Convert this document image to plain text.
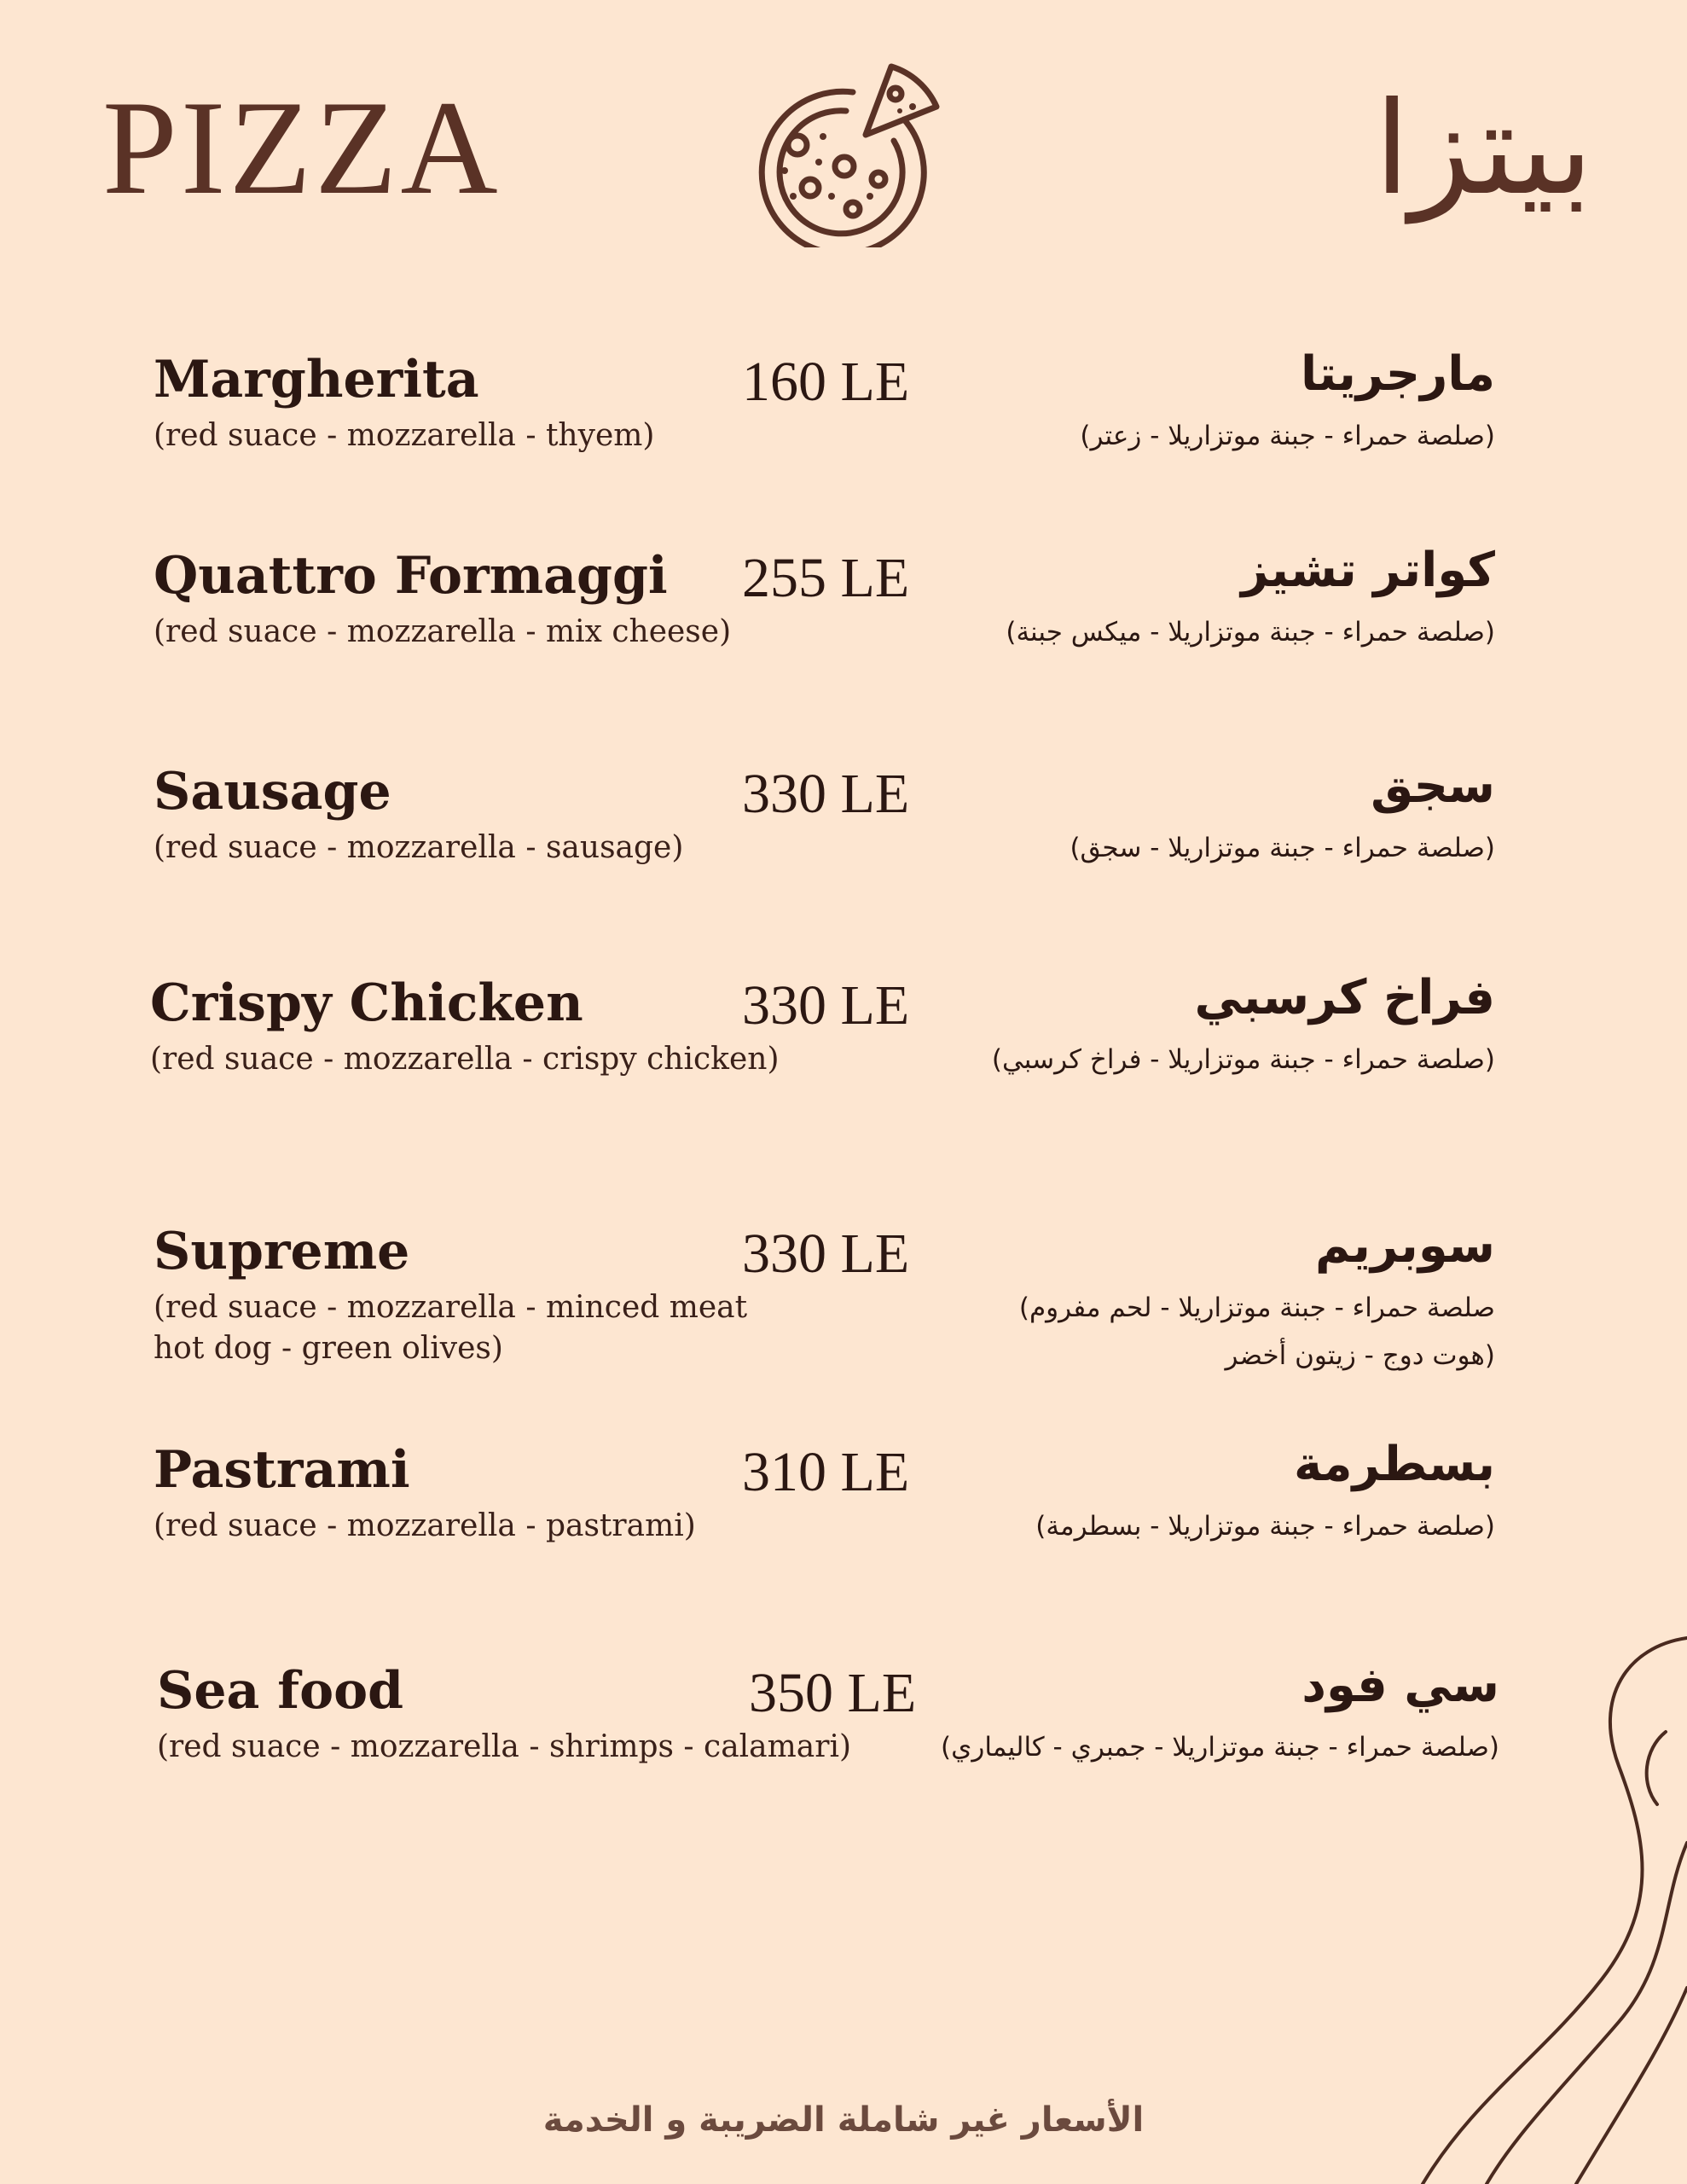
PIZZA	بيتزا
Margherita
(red suace - mozzarella - thyem)
160 LE	مارجريتا
(صلصة حمراء - جبنة موتزاريلا - زعتر)
Quattro Formaggi
(red suace - mozzarella - mix cheese)
255 LE	كواتر تشيز
(صلصة حمراء - جبنة موتزاريلا - ميكس جبنة)
Sausage
(red suace - mozzarella - sausage)
330 LE	سجق
(صلصة حمراء - جبنة موتزاريلا - سجق)
Crispy Chicken
(red suace - mozzarella - crispy chicken)
330 LE	فراخ كرسبي
(صلصة حمراء - جبنة موتزاريلا - فراخ كرسبي)
Supreme
(red suace - mozzarella - minced meat
hot dog - green olives)
330 LE	سوبريم
صلصة حمراء - جبنة موتزاريلا - لحم مفروم)
(هوت دوج - زيتون أخضر
Pastrami
(red suace - mozzarella - pastrami)
310 LE	بسطرمة
(صلصة حمراء - جبنة موتزاريلا - بسطرمة)
Sea food
(red suace - mozzarella - shrimps - calamari)
350 LE	سي فود
(صلصة حمراء - جبنة موتزاريلا - جمبري - كاليماري)
الأسعار غير شاملة الضريبة و الخدمة
